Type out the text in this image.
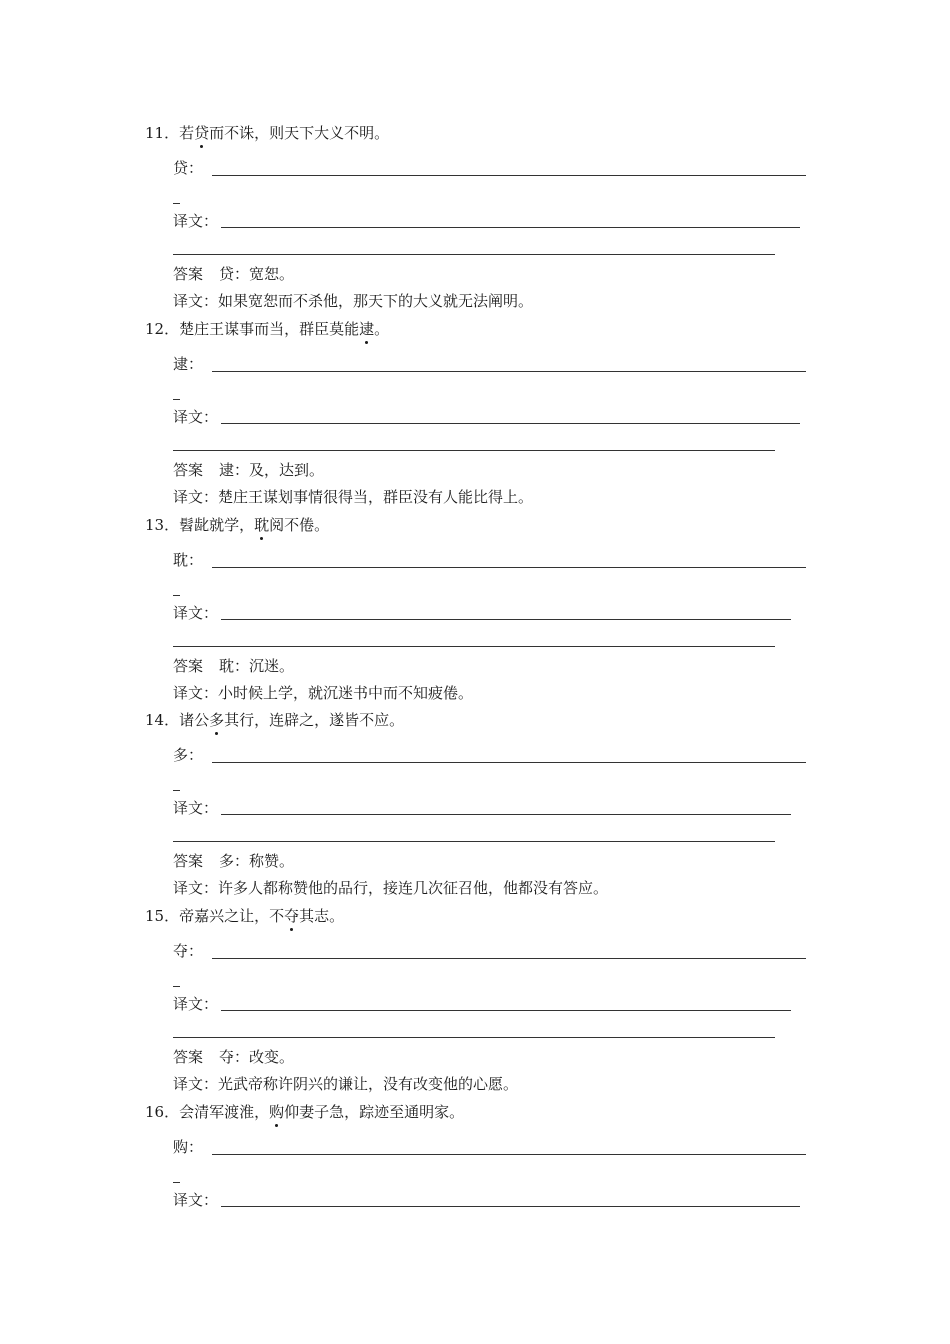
11．若贷而不诛，则天下大义不明。
贷：
译文：
答案 贷：宽恕。
译文：如果宽恕而不杀他，那天下的大义就无法阐明。
12．楚庄王谋事而当，群臣莫能逮。
逮：
译文：
答案 逮：及，达到。
译文：楚庄王谋划事情很得当，群臣没有人能比得上。
13．髫龀就学，耽阅不倦。
耽：
译文：
答案 耽：沉迷。
译文：小时候上学，就沉迷书中而不知疲倦。
14．诸公多其行，连辟之，遂皆不应。
多：
译文：
答案 多：称赞。
译文：许多人都称赞他的品行，接连几次征召他，他都没有答应。
15．帝嘉兴之让，不夺其志。
夺：
译文：
答案 夺：改变。
译文：光武帝称许阴兴的谦让，没有改变他的心愿。
16．会清军渡淮，购仰妻子急，踪迹至通明家。
购：
译文：
